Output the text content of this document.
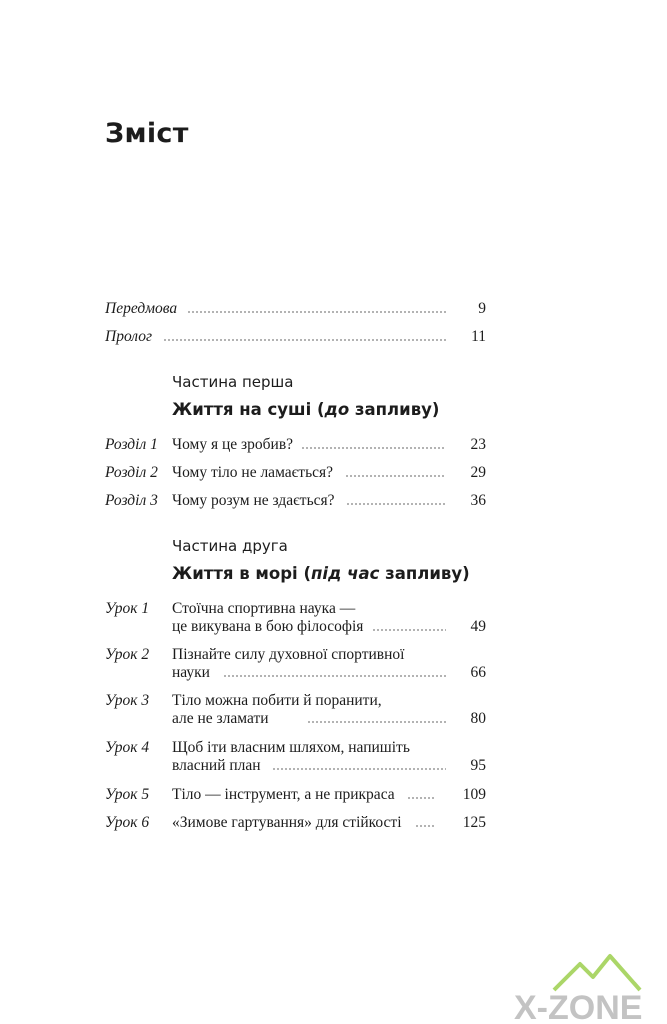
Зміст
Передмова	9
Пролог	11
Частина перша
Життя на суші (до запливу)
Розділ 1 Чому я це зробив?	23
Розділ 2 Чому тіло не ламається?	29
Розділ 3 Чому розум не здається?	36
Частина друга
Життя в морі (під час запливу)
Урок 1 Стоїчна спортивна наука —
це викувана в бою філософія	49
Урок 2 Пізнайте силу духовної спортивної
науки	66
Урок 3 Тіло можна побити й поранити,
але не зламати	80
Урок 4 Щоб іти власним шляхом, напишіть
власний план	95
Урок 5 Тіло — інструмент, а не прикраса	109
Урок 6 «Зимове гартування» для стійкості	125
X-ZONE
